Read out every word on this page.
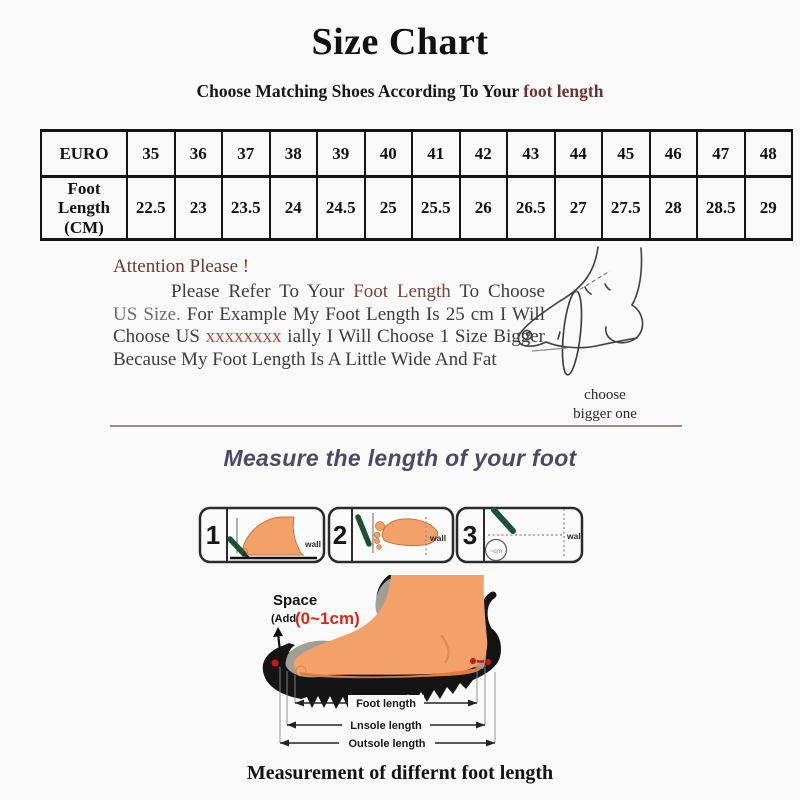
Size Chart
Choose Matching Shoes According To Your foot length
EURO	35	36	37	38	39	40	41	42	43	44	45	46	47	48

Foot
Length
(CM)	22.5	23	23.5	24	24.5	25	25.5	26	26.5	27	27.5	28	28.5	29
Attention Please !

Please Refer To Your Foot Length To Choose US Size. For Example My Foot Length Is 25 cm I Will Choose US xxxxxxxx ially I Will Choose 1 Size Bigger Because My Foot Length Is A Little Wide And Fat

choose
bigger one
Measure the length of your foot
1	wall 2	wall 3
~cm
wall
Space
(Add
(0~1cm)
Foot length
Lnsole length
Outsole length
Measurement of differnt foot length
